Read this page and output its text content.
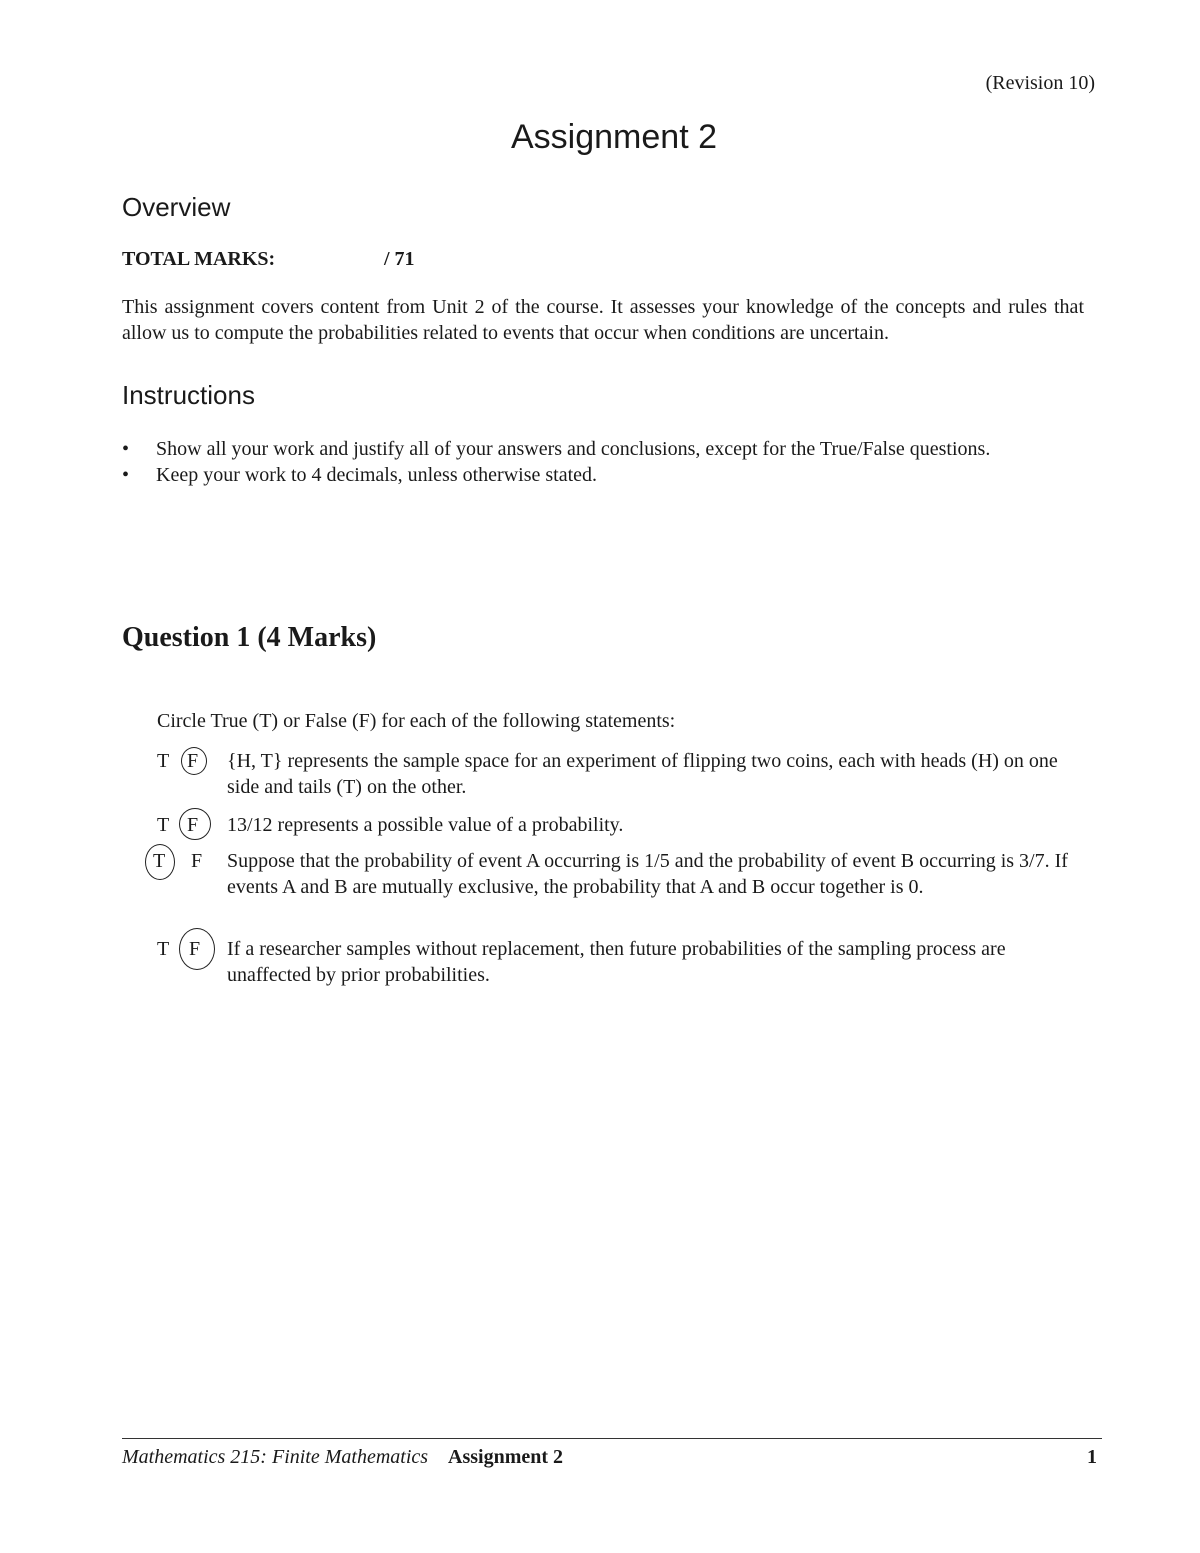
(Revision 10)
Assignment 2
Overview
TOTAL MARKS:	/ 71
This assignment covers content from Unit 2 of the course. It assesses your knowledge of the concepts and rules that allow us to compute the probabilities related to events that occur when conditions are uncertain.
Instructions
• Show all your work and justify all of your answers and conclusions, except for the True/False questions.
• Keep your work to 4 decimals, unless otherwise stated.
Question 1 (4 Marks)
Circle True (T) or False (F) for each of the following statements:
T F {H, T} represents the sample space for an experiment of flipping two coins, each with heads (H) on one side and tails (T) on the other.
T F 13/12 represents a possible value of a probability.
T F Suppose that the probability of event A occurring is 1/5 and the probability of event B occurring is 3/7. If events A and B are mutually exclusive, the probability that A and B occur together is 0.
T F If a researcher samples without replacement, then future probabilities of the sampling process are unaffected by prior probabilities.
Mathematics 215: Finite Mathematics Assignment 2	1
